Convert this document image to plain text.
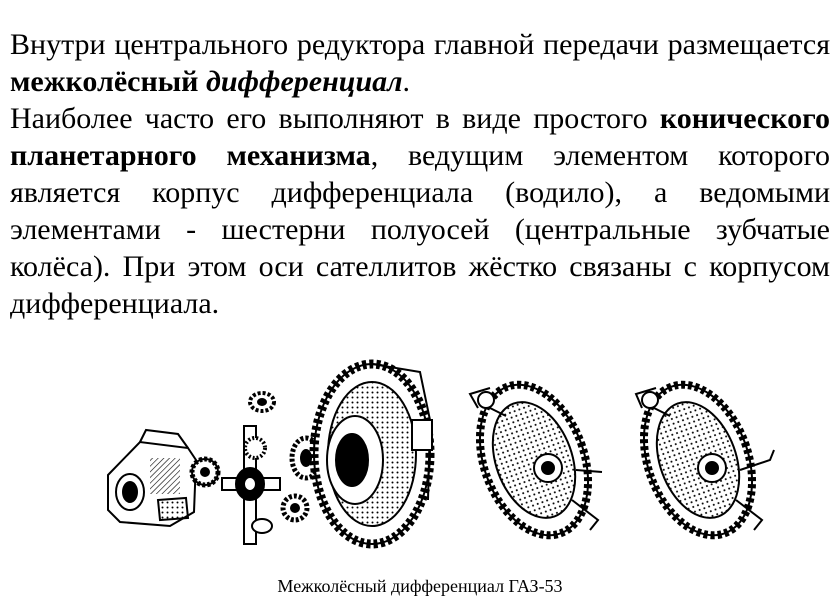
Внутри центрального редуктора главной передачи размещается межколёсный дифференциал.

Наиболее часто его выполняют в виде простого конического планетарного механизма, ведущим элементом которого является корпус дифференциала (водило), а ведомыми элементами - шестерни полуосей (центральные зубчатые колёса). При этом оси сателлитов жёстко связаны с корпусом дифференциала.

Межколёсный дифференциал ГАЗ-53
